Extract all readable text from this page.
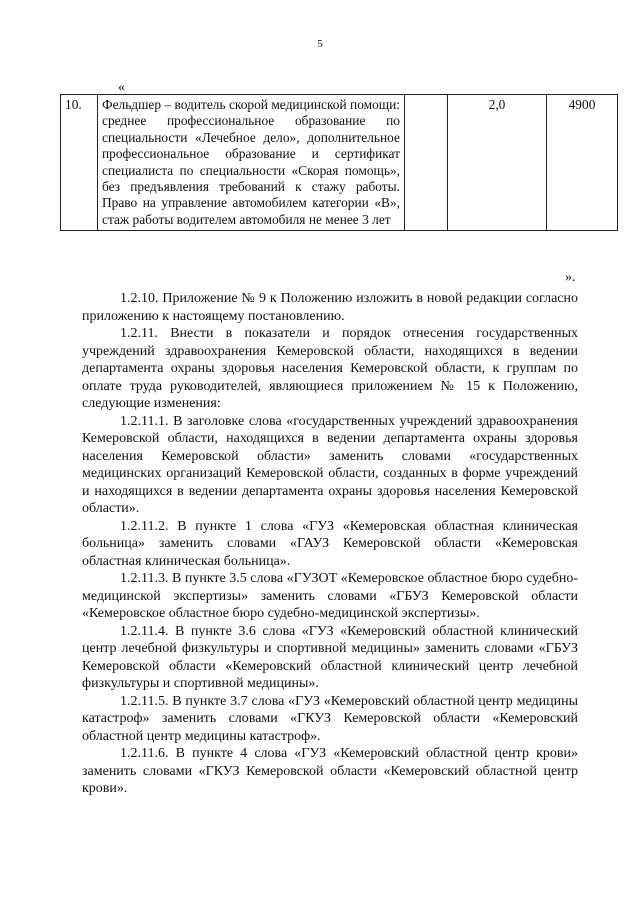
5
«
10.	Фельдшер – водитель скорой медицинской помощи: среднее профессиональное образование по специальности «Лечебное дело», дополнительное профессиональное образование и сертификат специалиста по специальности «Скорая помощь», без предъявления требований к стажу работы. Право на управление автомобилем категории «В», стаж работы водителем автомобиля не менее 3 лет		2,0	4900
».

1.2.10. Приложение № 9 к Положению изложить в новой редакции согласно приложению к настоящему постановлению.

1.2.11. Внести в показатели и порядок отнесения государственных учреждений здравоохранения Кемеровской области, находящихся в ведении департамента охраны здоровья населения Кемеровской области, к группам по оплате труда руководителей, являющиеся приложением № 15 к Положению, следующие изменения:

1.2.11.1. В заголовке слова «государственных учреждений здравоохранения Кемеровской области, находящихся в ведении департамента охраны здоровья населения Кемеровской области» заменить словами «государственных медицинских организаций Кемеровской области, созданных в форме учреждений и находящихся в ведении департамента охраны здоровья населения Кемеровской области».

1.2.11.2. В пункте 1 слова «ГУЗ «Кемеровская областная клиническая больница» заменить словами «ГАУЗ Кемеровской области «Кемеровская областная клиническая больница».

1.2.11.3. В пункте 3.5 слова «ГУЗОТ «Кемеровское областное бюро судебно-медицинской экспертизы» заменить словами «ГБУЗ Кемеровской области «Кемеровское областное бюро судебно-медицинской экспертизы».

1.2.11.4. В пункте 3.6 слова «ГУЗ «Кемеровский областной клинический центр лечебной физкультуры и спортивной медицины» заменить словами «ГБУЗ Кемеровской области «Кемеровский областной клинический центр лечебной физкультуры и спортивной медицины».

1.2.11.5. В пункте 3.7 слова «ГУЗ «Кемеровский областной центр медицины катастроф» заменить словами «ГКУЗ Кемеровской области «Кемеровский областной центр медицины катастроф».

1.2.11.6. В пункте 4 слова «ГУЗ «Кемеровский областной центр крови» заменить словами «ГКУЗ Кемеровской области «Кемеровский областной центр крови».
